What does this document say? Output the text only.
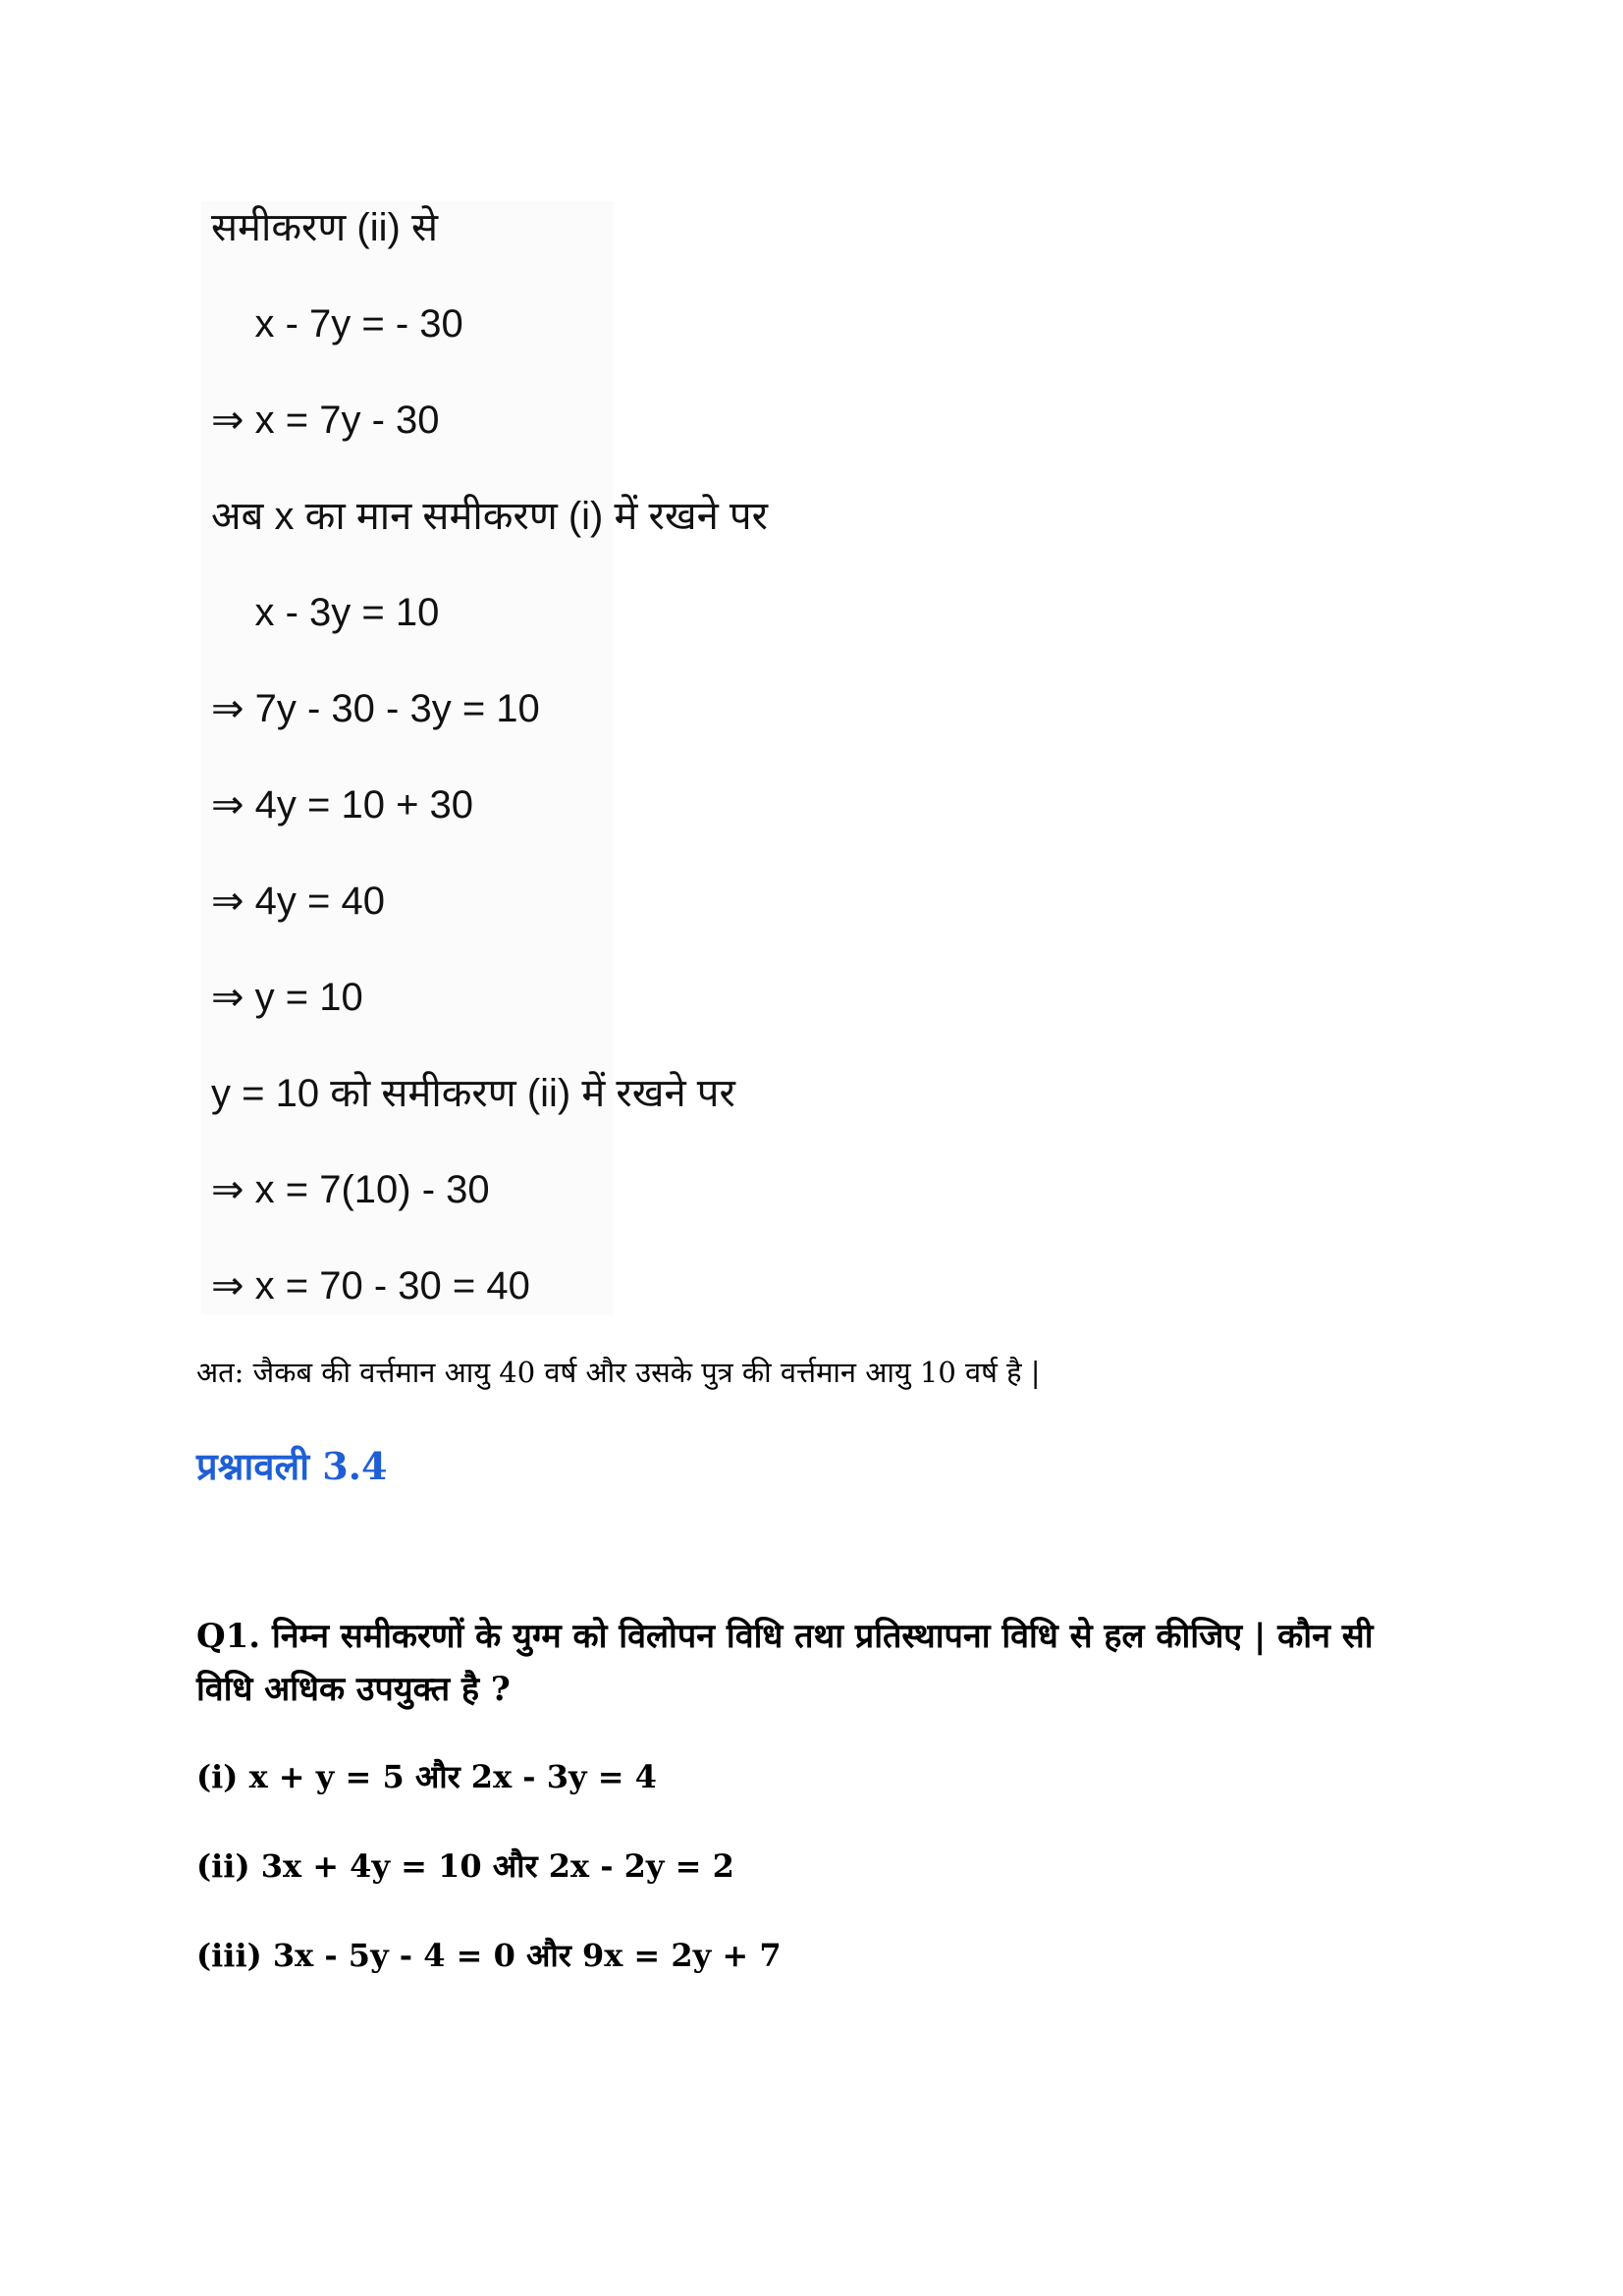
समीकरण (ii) से
x - 7y = - 30
⇒ x = 7y - 30
अब x का मान समीकरण (i) में रखने पर
x - 3y = 10
⇒ 7y - 30 - 3y = 10
⇒ 4y = 10 + 30
⇒ 4y = 40
⇒ y = 10
y = 10 को समीकरण (ii) में रखने पर
⇒ x = 7(10) - 30
⇒ x = 70 - 30 = 40
अत: जैकब की वर्त्तमान आयु 40 वर्ष और उसके पुत्र की वर्त्तमान आयु 10 वर्ष है |
प्रश्नावली 3.4
Q1. निम्न समीकरणों के युग्म को विलोपन विधि तथा प्रतिस्थापना विधि से हल कीजिए | कौन सी विधि अधिक उपयुक्त है ?
(i) x + y = 5 और 2x - 3y = 4
(ii) 3x + 4y = 10 और 2x - 2y = 2
(iii) 3x - 5y - 4 = 0 और 9x = 2y + 7
